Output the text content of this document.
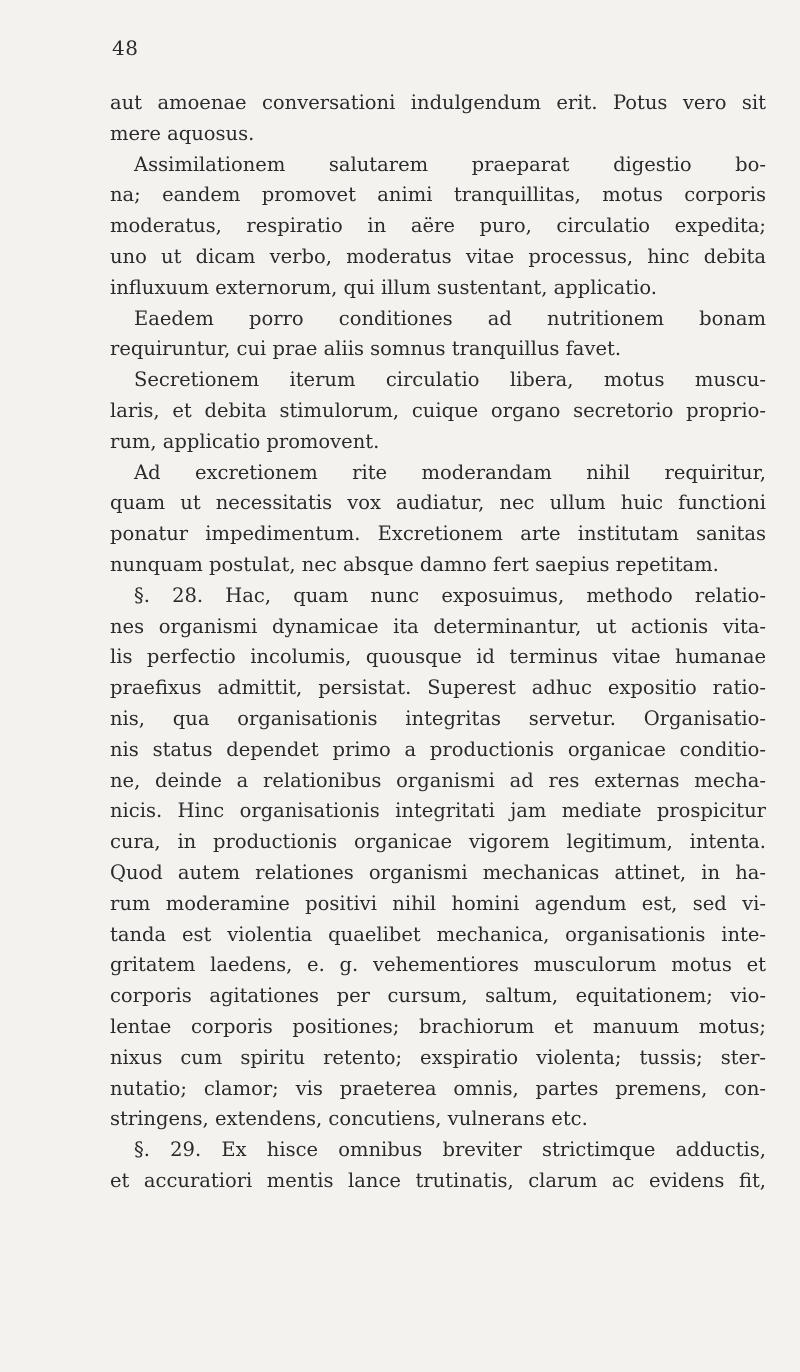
48
aut amoenae conversationi indulgendum erit. Potus vero sit
mere aquosus.
Assimilationem salutarem praeparat digestio bo-
na; eandem promovet animi tranquillitas, motus corporis
moderatus, respiratio in aëre puro, circulatio expedita;
uno ut dicam verbo, moderatus vitae processus, hinc debita
influxuum externorum, qui illum sustentant, applicatio.
Eaedem porro conditiones ad nutritionem bonam
requiruntur, cui prae aliis somnus tranquillus favet.
Secretionem iterum circulatio libera, motus muscu-
laris, et debita stimulorum, cuique organo secretorio proprio-
rum, applicatio promovent.
Ad excretionem rite moderandam nihil requiritur,
quam ut necessitatis vox audiatur, nec ullum huic functioni
ponatur impedimentum. Excretionem arte institutam sanitas
nunquam postulat, nec absque damno fert saepius repetitam.
§. 28. Hac, quam nunc exposuimus, methodo relatio-
nes organismi dynamicae ita determinantur, ut actionis vita-
lis perfectio incolumis, quousque id terminus vitae humanae
praefixus admittit, persistat. Superest adhuc expositio ratio-
nis, qua organisationis integritas servetur. Organisatio-
nis status dependet primo a productionis organicae conditio-
ne, deinde a relationibus organismi ad res externas mecha-
nicis. Hinc organisationis integritati jam mediate prospicitur
cura, in productionis organicae vigorem legitimum, intenta.
Quod autem relationes organismi mechanicas attinet, in ha-
rum moderamine positivi nihil homini agendum est, sed vi-
tanda est violentia quaelibet mechanica, organisationis inte-
gritatem laedens, e. g. vehementiores musculorum motus et
corporis agitationes per cursum, saltum, equitationem; vio-
lentae corporis positiones; brachiorum et manuum motus;
nixus cum spiritu retento; exspiratio violenta; tussis; ster-
nutatio; clamor; vis praeterea omnis, partes premens, con-
stringens, extendens, concutiens, vulnerans etc.
§. 29. Ex hisce omnibus breviter strictimque adductis,
et accuratiori mentis lance trutinatis, clarum ac evidens fit,
